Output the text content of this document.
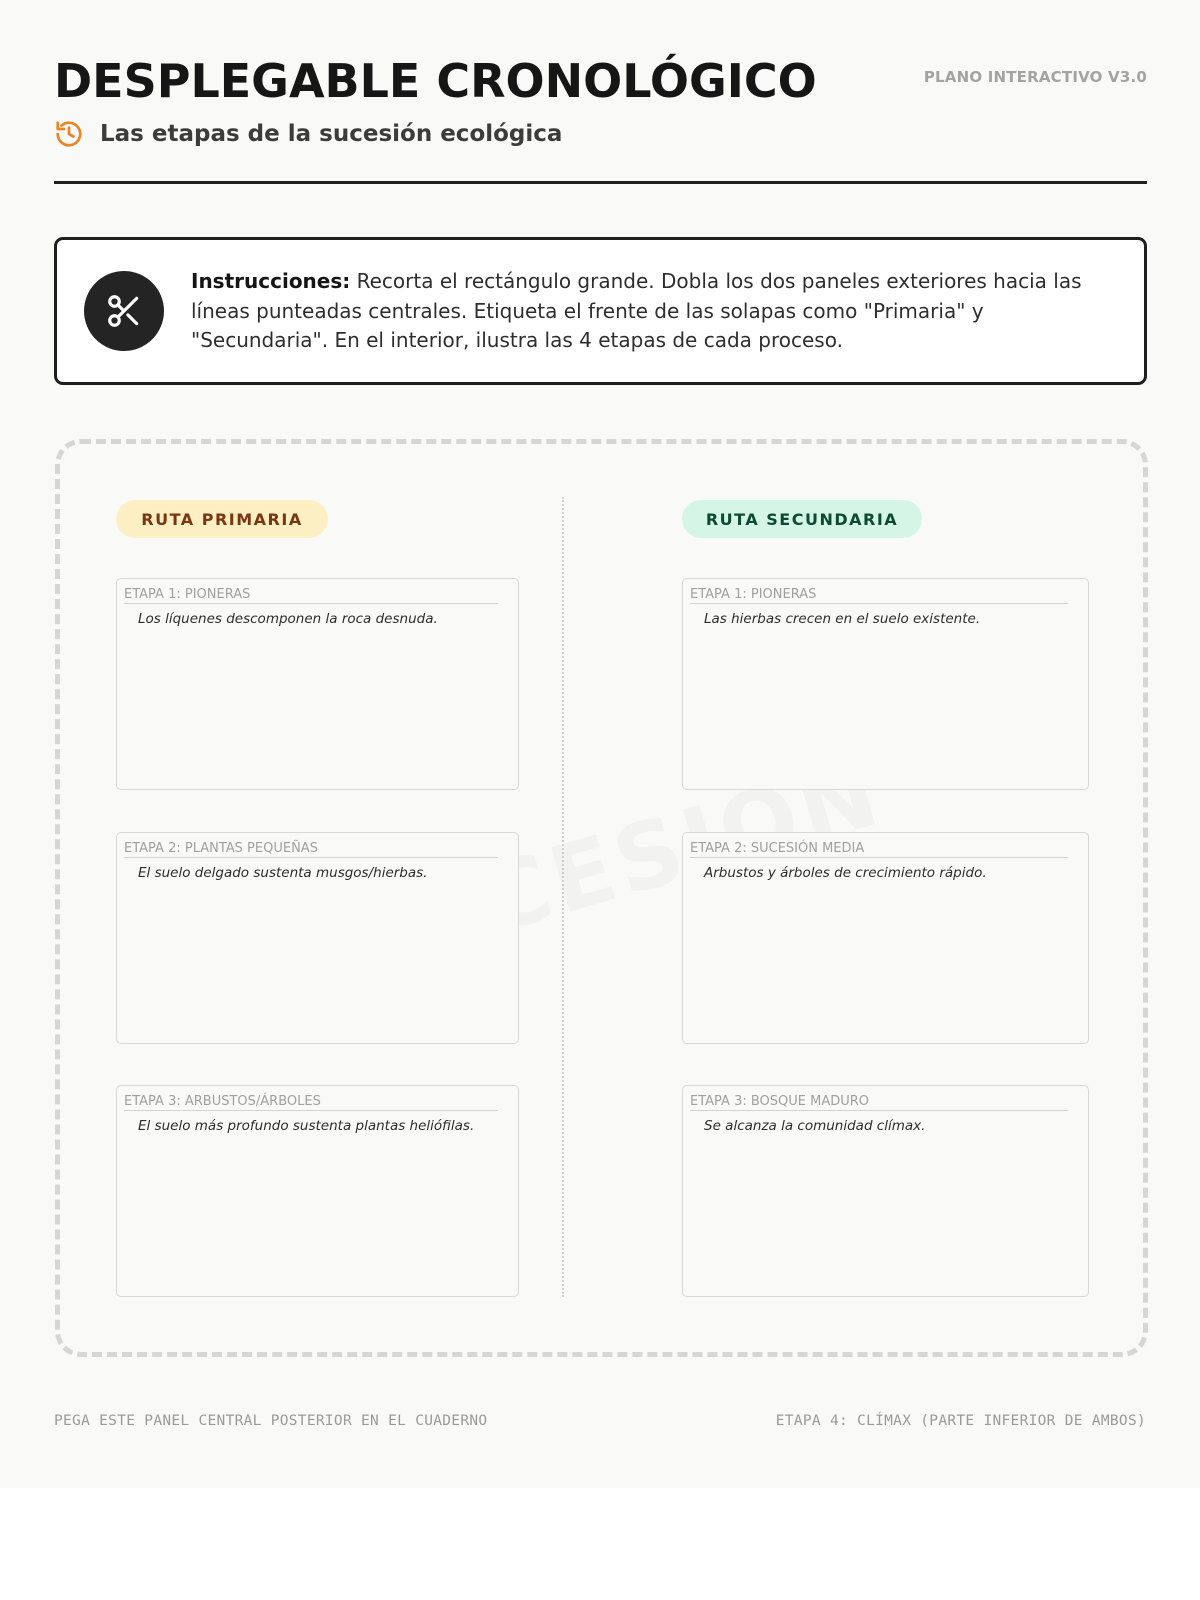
DESPLEGABLE CRONOLÓGICO	PLANO INTERACTIVO V3.0
Las etapas de la sucesión ecológica

Instrucciones: Recorta el rectángulo grande. Dobla los dos paneles exteriores hacia las líneas punteadas centrales. Etiqueta el frente de las solapas como "Primaria" y "Secundaria". En el interior, ilustra las 4 etapas de cada proceso.

RUTA PRIMARIA	RUTA SECUNDARIA
ETAPA 1: PIONERAS
Los líquenes descomponen la roca desnuda.
ETAPA 2: PLANTAS PEQUEÑAS
El suelo delgado sustenta musgos/hierbas.
ETAPA 3: ARBUSTOS/ÁRBOLES
El suelo más profundo sustenta plantas heliófilas.
ETAPA 1: PIONERAS
Las hierbas crecen en el suelo existente.
ETAPA 2: SUCESIÓN MEDIA
Arbustos y árboles de crecimiento rápido.
ETAPA 3: BOSQUE MADURO
Se alcanza la comunidad clímax.
PEGA ESTE PANEL CENTRAL POSTERIOR EN EL CUADERNO	ETAPA 4: CLÍMAX (PARTE INFERIOR DE AMBOS)
